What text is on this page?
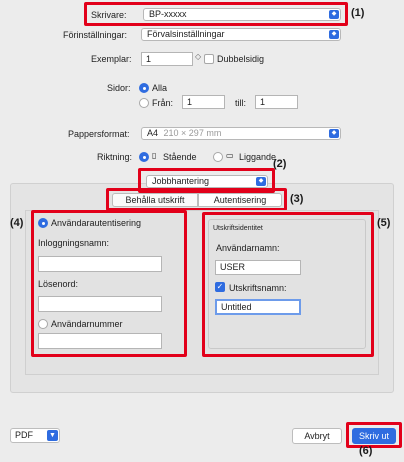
Skrivare:	BP-xxxxx	◆ (1)
Förinställningar:	Förvalsinställningar	◆
Exemplar:	1	◇ Dubbelsidig
Sidor: Alla
Från:	1	till:	1
Pappersformat:	A4 210 × 297 mm	◆
Riktning: ▯ Stående	▭ Liggande
(2)
Jobbhantering	◆
Behålla utskrift	Autentisering	(3)
Användarautentisering
Inloggningsnamn:
Lösenord:
Användarnummer
(4)	Utskriftsidentitet
Användarnamn:
USER
✓ Utskriftsnamn:
Untitled
(5)
PDF ▼	Avbryt	Skriv ut
(6)
